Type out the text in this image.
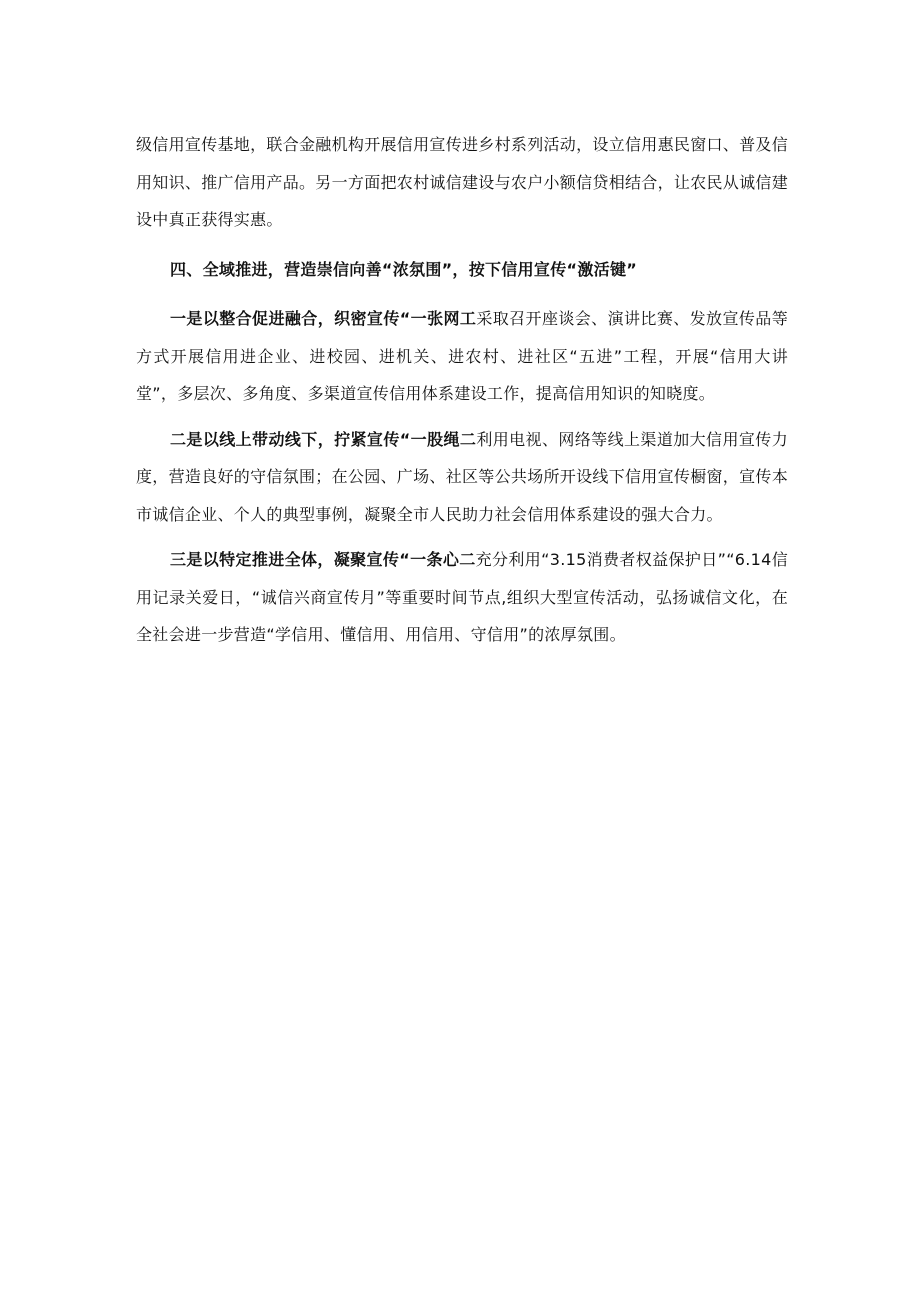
级信用宣传基地，联合金融机构开展信用宣传进乡村系列活动，设立信用惠民窗口、普及信用知识、推广信用产品。另一方面把农村诚信建设与农户小额信贷相结合，让农民从诚信建设中真正获得实惠。

四、全域推进，营造崇信向善“浓氛围”，按下信用宣传“激活键”

一是以整合促进融合，织密宣传“一张网工采取召开座谈会、演讲比赛、发放宣传品等方式开展信用进企业、进校园、进机关、进农村、进社区“五进”工程，开展“信用大讲堂”，多层次、多角度、多渠道宣传信用体系建设工作，提高信用知识的知晓度。

二是以线上带动线下，拧紧宣传“一股绳二利用电视、网络等线上渠道加大信用宣传力度，营造良好的守信氛围；在公园、广场、社区等公共场所开设线下信用宣传橱窗，宣传本市诚信企业、个人的典型事例，凝聚全市人民助力社会信用体系建设的强大合力。

三是以特定推进全体，凝聚宣传“一条心二充分利用“3.15消费者权益保护日”“6.14信用记录关爱日，“诚信兴商宣传月”等重要时间节点,组织大型宣传活动，弘扬诚信文化，在全社会进一步营造“学信用、懂信用、用信用、守信用”的浓厚氛围。
